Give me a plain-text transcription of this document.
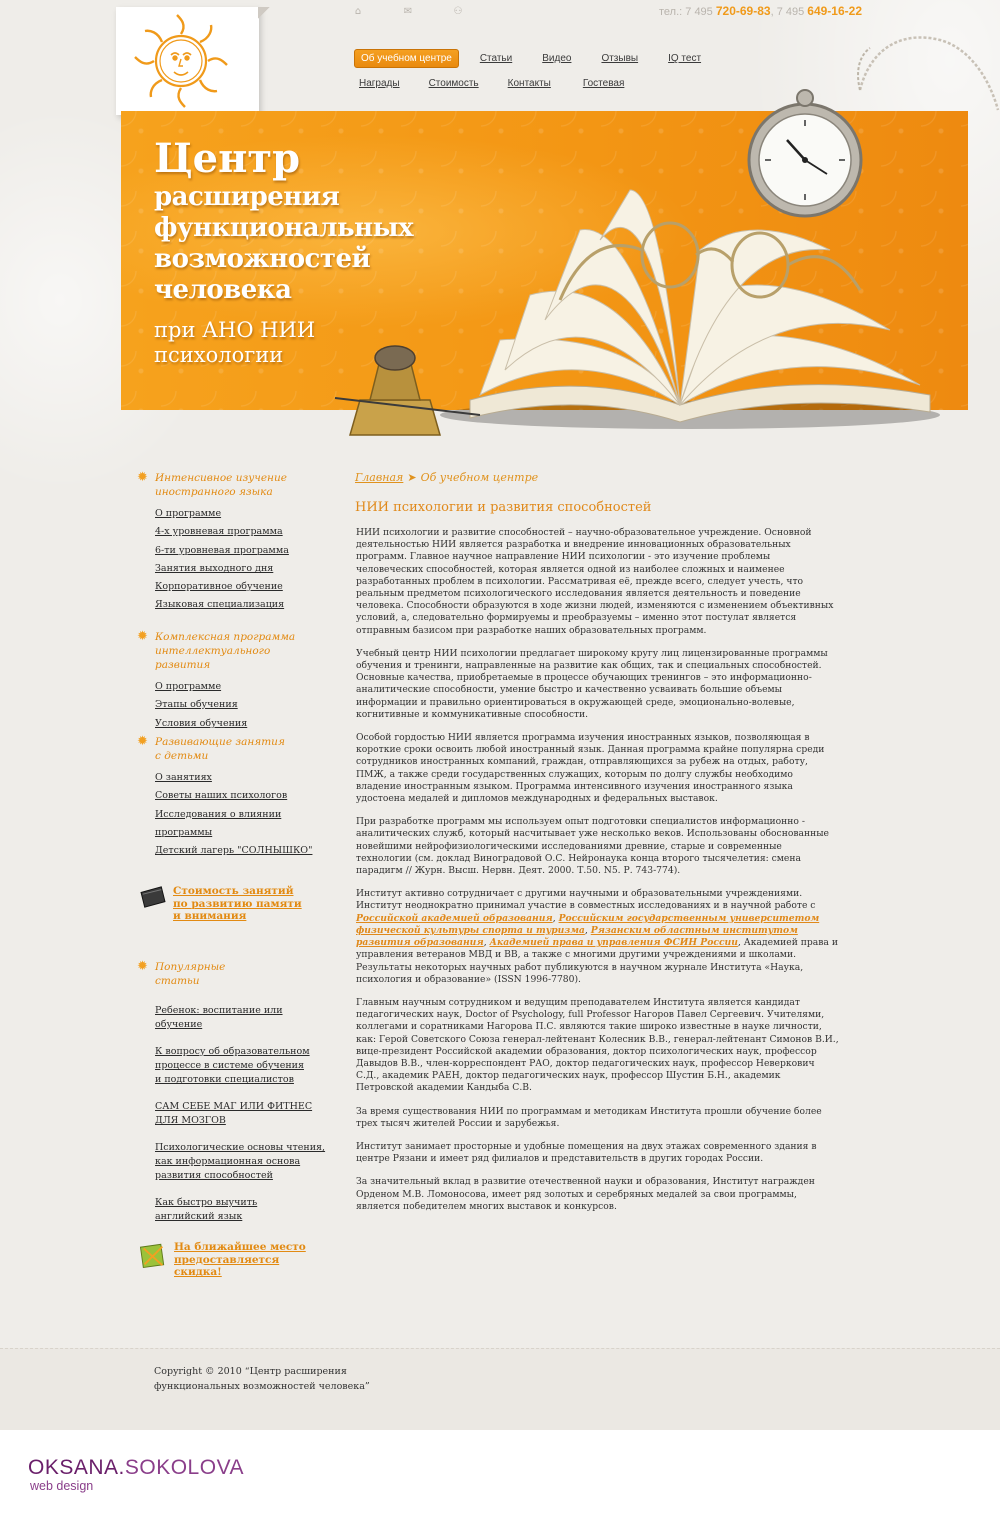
⌂	✉	⚇	тел.: 7 495 720-69-83, 7 495 649-16-22
Об учебном центре	Статьи	Видео	Отзывы	IQ тест
Награды	Стоимость	Контакты	Гостевая
Центр
расширения
функциональных
возможностей
человека
при АНО НИИ
психологии
✹ Интенсивное изучение
иностранного языка
О программе
4-х уровневая программа
6-ти уровневая программа
Занятия выходного дня
Корпоративное обучение
Языковая специализация
✹ Комплексная программа
интеллектуального развития
О программе
Этапы обучения
Условия обучения
✹ Развивающие занятия
с детьми
О занятиях
Советы наших психологов
Исследования о влиянии
программы
Детский лагерь "СОЛНЫШКО"
Стоимость занятий
по развитию памяти
и внимания
✹ Популярные
статьи
Ребенок: воспитание или обучение
К вопросу об образовательном
процессе в системе обучения
и подготовки специалистов
САМ СЕБЕ МАГ ИЛИ ФИТНЕС
ДЛЯ МОЗГОВ
Психологические основы чтения,
как информационная основа
развития способностей
Как быстро выучить
английский язык
На ближайшее место
предоставляется
скидка!
Главная ➤ Об учебном центре
НИИ психологии и развития способностей

НИИ психологии и развитие способностей – научно-образовательное учреждение. Основной деятельностью НИИ является разработка и внедрение инновационных образовательных программ. Главное научное направление НИИ психологии - это изучение проблемы человеческих способностей, которая является одной из наиболее сложных и наименее разработанных проблем в психологии. Рассматривая её, прежде всего, следует учесть, что реальным предметом психологического исследования является деятельность и поведение человека. Способности образуются в ходе жизни людей, изменяются с изменением объективных условий, а, следовательно формируемы и преобразуемы – именно этот постулат является отправным базисом при разработке наших образовательных программ.

Учебный центр НИИ психологии предлагает широкому кругу лиц лицензированные программы обучения и тренинги, направленные на развитие как общих, так и специальных способностей. Основные качества, приобретаемые в процессе обучающих тренингов – это информационно-аналитические способности, умение быстро и качественно усваивать большие объемы информации и правильно ориентироваться в окружающей среде, эмоционально-волевые, когнитивные и коммуникативные способности.

Особой гордостью НИИ является программа изучения иностранных языков, позволяющая в короткие сроки освоить любой иностранный язык. Данная программа крайне популярна среди сотрудников иностранных компаний, граждан, отправляющихся за рубеж на отдых, работу, ПМЖ, а также среди государственных служащих, которым по долгу службы необходимо владение иностранным языком. Программа интенсивного изучения иностранного языка удостоена медалей и дипломов международных и федеральных выставок.

При разработке программ мы используем опыт подготовки специалистов информационно - аналитических служб, который насчитывает уже несколько веков. Использованы обоснованные новейшими нейрофизиологическими исследованиями древние, старые и современные технологии (см. доклад Виноградовой О.С. Нейронаука конца второго тысячелетия: смена парадигм // Журн. Высш. Нервн. Деят. 2000. Т.50. N5. Р. 743-774).

Институт активно сотрудничает с другими научными и образовательными учреждениями. Институт неоднократно принимал участие в совместных исследованиях и в научной работе с Российской академией образования, Российским государственным университетом физической культуры спорта и туризма, Рязанским областным институтом развития образования, Академией права и управления ФСИН России, Академией права и управления ветеранов МВД и ВВ, а также с многими другими учреждениями и школами. Результаты некоторых научных работ публикуются в научном журнале Института «Наука, психология и образование» (ISSN 1996-7780).

Главным научным сотрудником и ведущим преподавателем Института является кандидат педагогических наук, Doctor of Psychology, full Professor Нагоров Павел Сергеевич. Учителями, коллегами и соратниками Нагорова П.С. являются такие широко известные в науке личности, как: Герой Советского Союза генерал-лейтенант Колесник В.В., генерал-лейтенант Симонов В.И., вице-президент Российской академии образования, доктор психологических наук, профессор Давыдов В.В., член-корреспондент РАО, доктор педагогических наук, профессор Неверкович С.Д., академик РАЕН, доктор педагогических наук, профессор Шустин Б.Н., академик Петровской академии Кандыба С.В.

За время существования НИИ по программам и методикам Института прошли обучение более трех тысяч жителей России и зарубежья.

Институт занимает просторные и удобные помещения на двух этажах современного здания в центре Рязани и имеет ряд филиалов и представительств в других городах России.

За значительный вклад в развитие отечественной науки и образования, Институт награжден Орденом М.В. Ломоносова, имеет ряд золотых и серебряных медалей за свои программы, является победителем многих выставок и конкурсов.

Copyright © 2010 “Центр расширения
функциональных возможностей человека”
OKSANA.SOKOLOVA
web design
